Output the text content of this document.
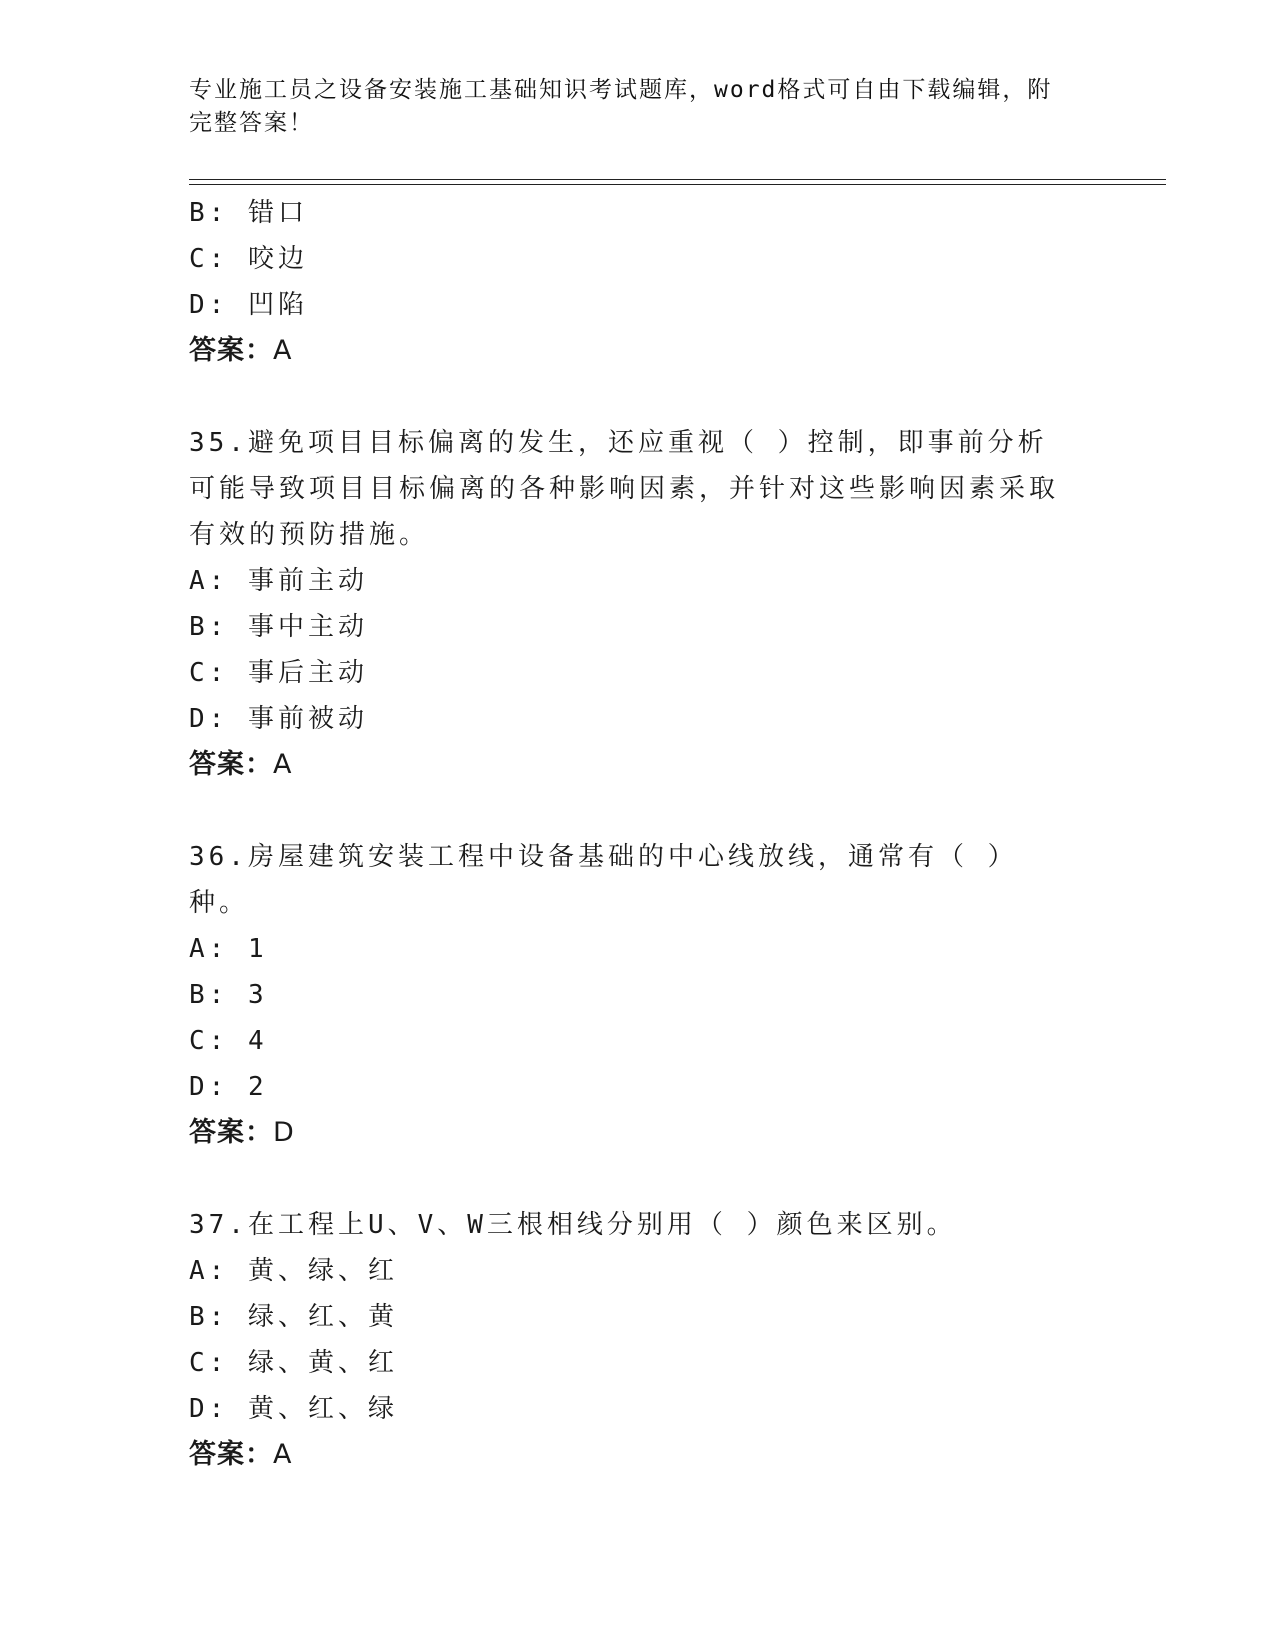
专业施工员之设备安装施工基础知识考试题库，word格式可自由下载编辑，附完整答案！
B: 错口
C: 咬边
D: 凹陷
答案：A
35.避免项目目标偏离的发生，还应重视（ ）控制，即事前分析可能导致项目目标偏离的各种影响因素，并针对这些影响因素采取有效的预防措施。
A: 事前主动
B: 事中主动
C: 事后主动
D: 事前被动
答案：A
36.房屋建筑安装工程中设备基础的中心线放线，通常有（ ）种。
A: 1
B: 3
C: 4
D: 2
答案：D
37.在工程上U、V、W三根相线分别用（ ）颜色来区别。
A: 黄、绿、红
B: 绿、红、黄
C: 绿、黄、红
D: 黄、红、绿
答案：A
